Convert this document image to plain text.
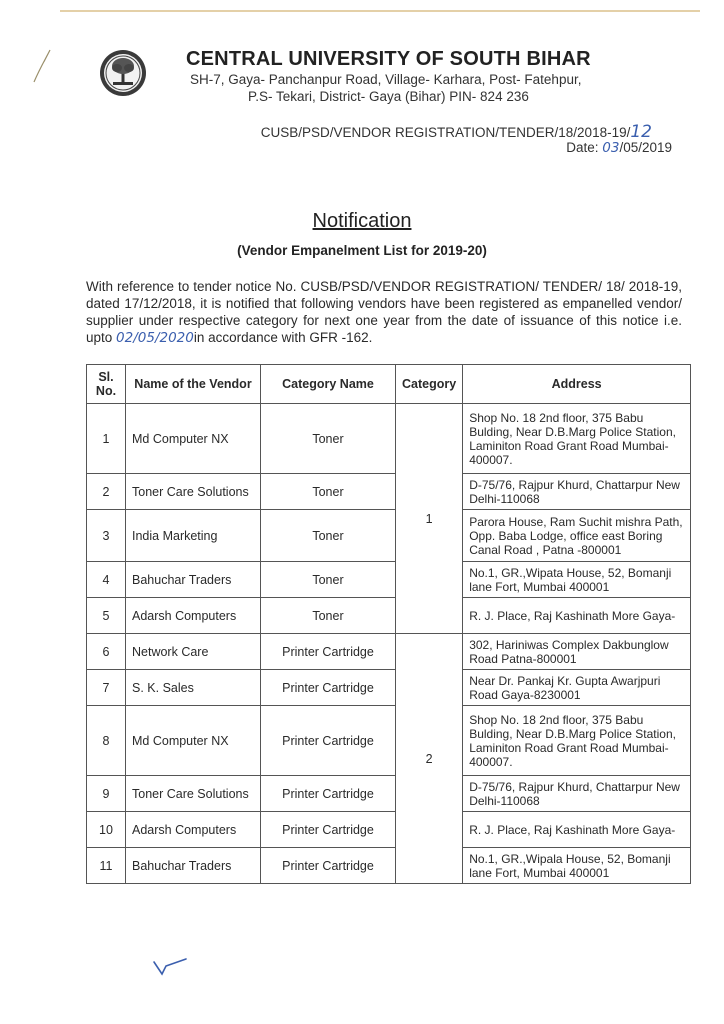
CENTRAL UNIVERSITY OF SOUTH BIHAR
SH-7, Gaya- Panchanpur Road, Village- Karhara, Post- Fatehpur,
P.S- Tekari, District- Gaya (Bihar) PIN- 824 236
CUSB/PSD/VENDOR REGISTRATION/TENDER/18/2018-19/12
Date: 03/05/2019
Notification
(Vendor Empanelment List for 2019-20)
With reference to tender notice No. CUSB/PSD/VENDOR REGISTRATION/ TENDER/ 18/ 2018-19, dated 17/12/2018, it is notified that following vendors have been registered as empanelled vendor/ supplier under respective category for next one year from the date of issuance of this notice i.e. upto 02/05/2020in accordance with GFR -162.
Sl. No.	Name of the Vendor	Category Name	Category	Address
1	Md Computer NX	Toner	1	Shop No. 18 2nd floor, 375 Babu Bulding, Near D.B.Marg Police Station, Laminiton Road Grant Road Mumbai-400007.
2	Toner Care Solutions	Toner		D-75/76, Rajpur Khurd, Chattarpur New Delhi-110068
3	India Marketing	Toner		Parora House, Ram Suchit mishra Path, Opp. Baba Lodge, office east Boring Canal Road , Patna -800001
4	Bahuchar Traders	Toner		No.1, GR.,Wipata House, 52, Bomanji lane Fort, Mumbai 400001
5	Adarsh Computers	Toner		R. J. Place, Raj Kashinath More Gaya-
6	Network Care	Printer Cartridge	2	302, Hariniwas Complex Dakbunglow Road Patna-800001
7	S. K. Sales	Printer Cartridge		Near Dr. Pankaj Kr. Gupta Awarjpuri Road Gaya-8230001
8	Md Computer NX	Printer Cartridge		Shop No. 18 2nd floor, 375 Babu Bulding, Near D.B.Marg Police Station, Laminiton Road Grant Road Mumbai-400007.
9	Toner Care Solutions	Printer Cartridge		D-75/76, Rajpur Khurd, Chattarpur New Delhi-110068
10	Adarsh Computers	Printer Cartridge		R. J. Place, Raj Kashinath More Gaya-
11	Bahuchar Traders	Printer Cartridge		No.1, GR.,Wipala House, 52, Bomanji lane Fort, Mumbai 400001
